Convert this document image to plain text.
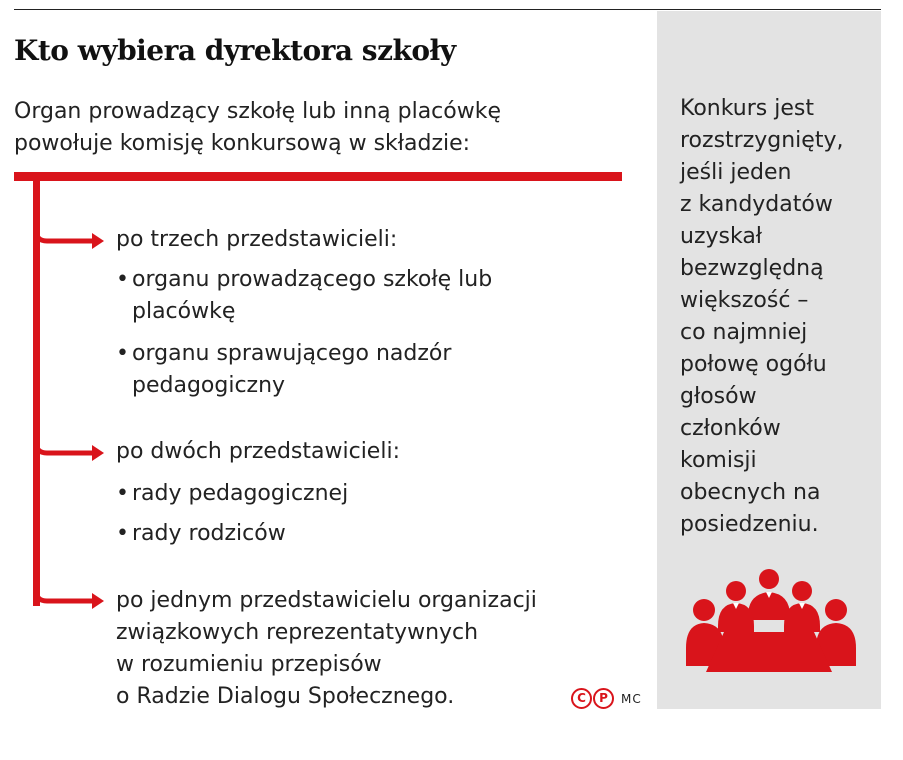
Kto wybiera dyrektora szkoły
Organ prowadzący szkołę lub inną placówkę
powołuje komisję konkursową w składzie:
Konkurs jest
rozstrzygnięty,
jeśli jeden
z kandydatów
uzyskał
bezwzględną
większość –
co najmniej
połowę ogółu
głosów
członków
komisji
obecnych na
posiedzeniu.
po trzech przedstawicieli:
• organu prowadzącego szkołę lub
placówkę
• organu sprawującego nadzór
pedagogiczny
po dwóch przedstawicieli:
• rady pedagogicznej
• rady rodziców
po jednym przedstawicielu organizacji
związkowych reprezentatywnych
w rozumieniu przepisów
o Radzie Dialogu Społecznego.	C P MC
